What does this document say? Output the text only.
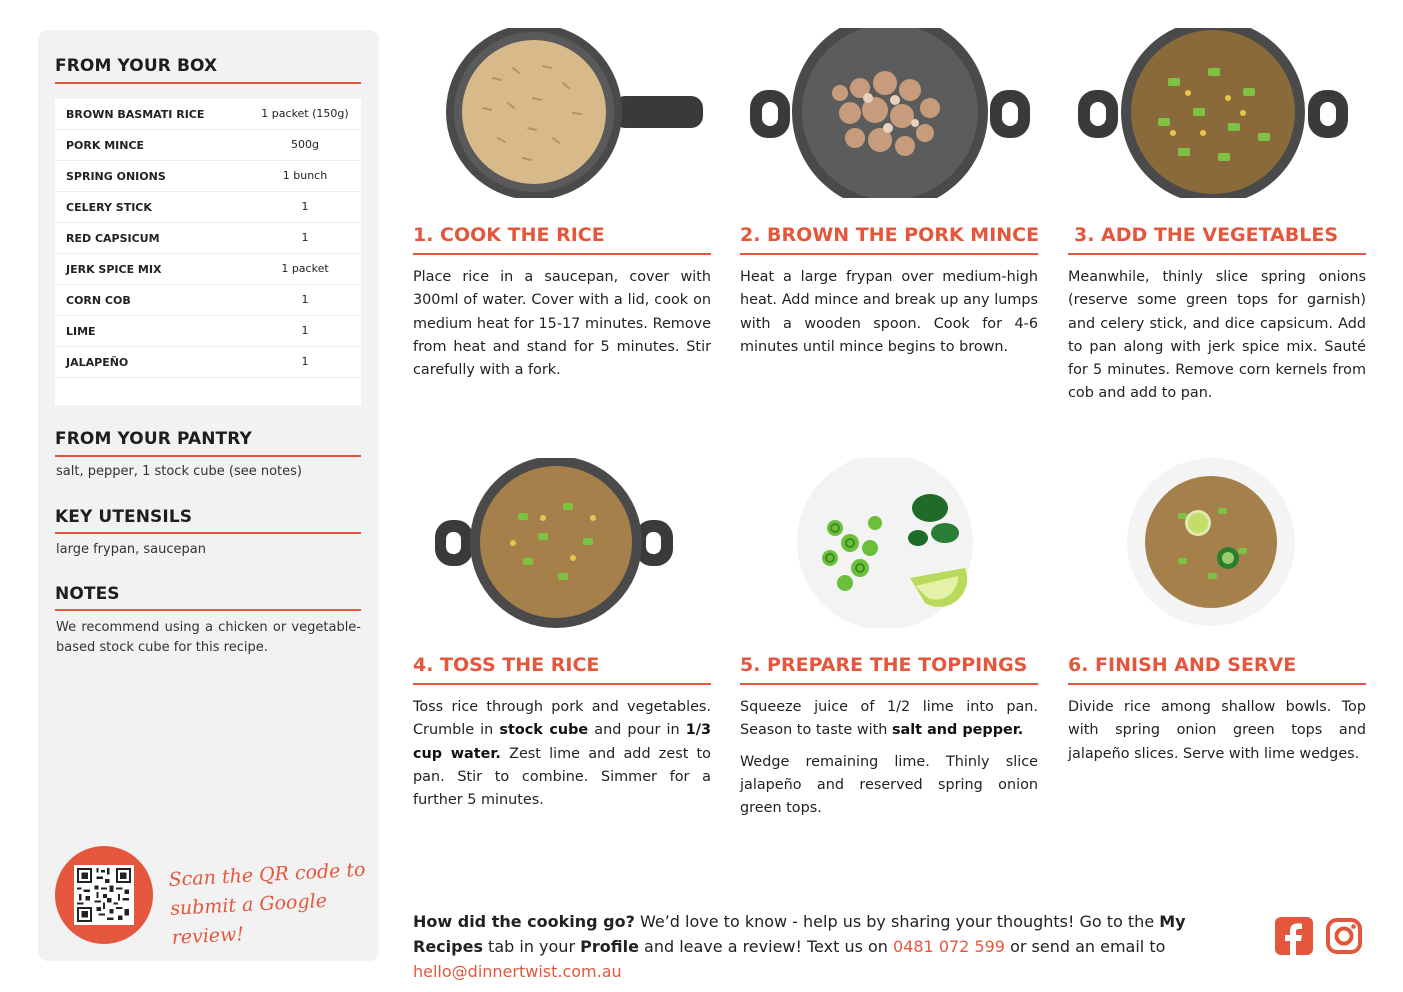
FROM YOUR BOX
BROWN BASMATI RICE	1 packet (150g)
PORK MINCE	500g
SPRING ONIONS	1 bunch
CELERY STICK	1
RED CAPSICUM	1
JERK SPICE MIX	1 packet
CORN COB	1
LIME	1
JALAPEÑO	1
FROM YOUR PANTRY
salt, pepper, 1 stock cube (see notes)
KEY UTENSILS
large frypan, saucepan
NOTES
We recommend using a chicken or vegetable-based stock cube for this recipe.
Scan the QR code to
submit a Google review!
1. COOK THE RICE

Place rice in a saucepan, cover with 300ml of water. Cover with a lid, cook on medium heat for 15-17 minutes. Remove from heat and stand for 5 minutes. Stir carefully with a fork.

2. BROWN THE PORK MINCE

Heat a large frypan over medium-high heat. Add mince and break up any lumps with a wooden spoon. Cook for 4-6 minutes until mince begins to brown.

3. ADD THE VEGETABLES

Meanwhile, thinly slice spring onions (reserve some green tops for garnish) and celery stick, and dice capsicum. Add to pan along with jerk spice mix. Sauté for 5 minutes. Remove corn kernels from cob and add to pan.

4. TOSS THE RICE

Toss rice through pork and vegetables. Crumble in stock cube and pour in 1/3 cup water. Zest lime and add zest to pan. Stir to combine. Simmer for a further 5 minutes.

5. PREPARE THE TOPPINGS

Squeeze juice of 1/2 lime into pan. Season to taste with salt and pepper.

Wedge remaining lime. Thinly slice jalapeño and reserved spring onion green tops.

6. FINISH AND SERVE

Divide rice among shallow bowls. Top with spring onion green tops and jalapeño slices. Serve with lime wedges.

How did the cooking go? We’d love to know - help us by sharing your thoughts! Go to the My Recipes tab in your Profile and leave a review! Text us on 0481 072 599 or send an email to hello@dinnertwist.com.au
